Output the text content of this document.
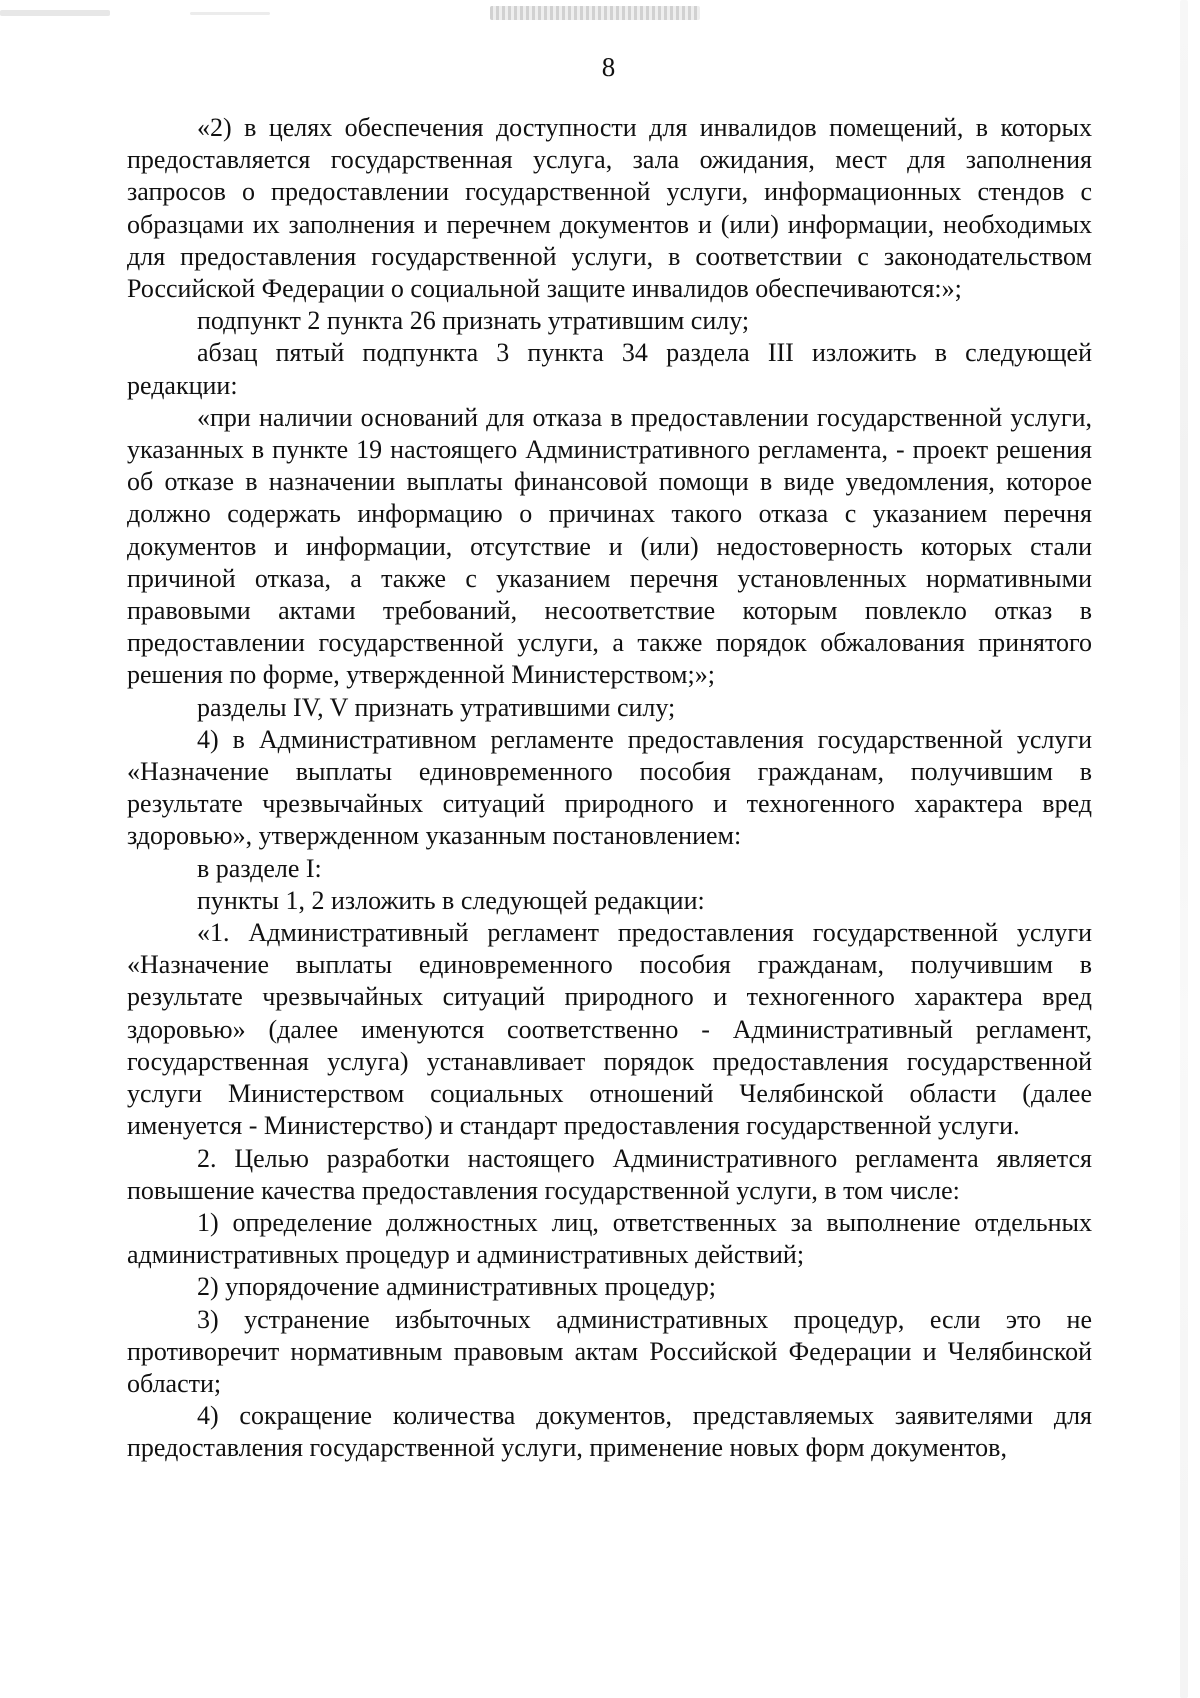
8

«2) в целях обеспечения доступности для инвалидов помещений, в которых предоставляется государственная услуга, зала ожидания, мест для заполнения запросов о предоставлении государственной услуги, информационных стендов с образцами их заполнения и перечнем документов и (или) информации, необходимых для предоставления государственной услуги, в соответствии с законодательством Российской Федерации о социальной защите инвалидов обеспечиваются:»;

подпункт 2 пункта 26 признать утратившим силу;

абзац пятый подпункта 3 пункта 34 раздела III изложить в следующей редакции:

«при наличии оснований для отказа в предоставлении государственной услуги, указанных в пункте 19 настоящего Административного регламента, - проект решения об отказе в назначении выплаты финансовой помощи в виде уведомления, которое должно содержать информацию о причинах такого отказа с указанием перечня документов и информации, отсутствие и (или) недостоверность которых стали причиной отказа, а также с указанием перечня установленных нормативными правовыми актами требований, несоответствие которым повлекло отказ в предоставлении государственной услуги, а также порядок обжалования принятого решения по форме, утвержденной Министерством;»;

разделы IV, V признать утратившими силу;

4) в Административном регламенте предоставления государственной услуги «Назначение выплаты единовременного пособия гражданам, получившим в результате чрезвычайных ситуаций природного и техногенного характера вред здоровью», утвержденном указанным постановлением:

в разделе I:

пункты 1, 2 изложить в следующей редакции:

«1. Административный регламент предоставления государственной услуги «Назначение выплаты единовременного пособия гражданам, получившим в результате чрезвычайных ситуаций природного и техногенного характера вред здоровью» (далее именуются соответственно - Административный регламент, государственная услуга) устанавливает порядок предоставления государственной услуги Министерством социальных отношений Челябинской области (далее именуется - Министерство) и стандарт предоставления государственной услуги.

2. Целью разработки настоящего Административного регламента является повышение качества предоставления государственной услуги, в том числе:

1) определение должностных лиц, ответственных за выполнение отдельных административных процедур и административных действий;

2) упорядочение административных процедур;

3) устранение избыточных административных процедур, если это не противоречит нормативным правовым актам Российской Федерации и Челябинской области;

4) сокращение количества документов, представляемых заявителями для предоставления государственной услуги, применение новых форм документов,
